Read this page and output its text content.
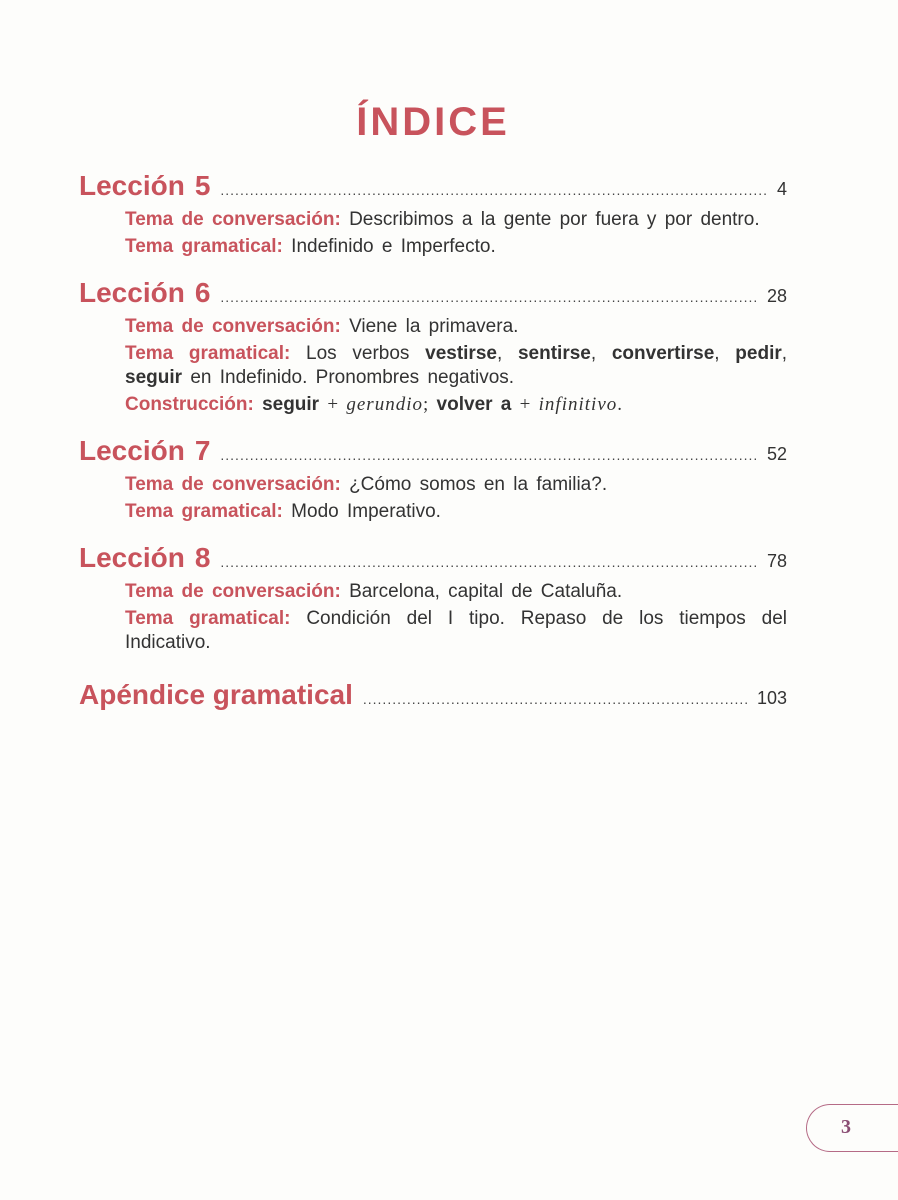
ÍNDICE
Lección 5 .....	4
Tema de conversación: Describimos a la gente por fuera y por dentro.
Tema gramatical: Indefinido e Imperfecto.
Lección 6 .....	28
Tema de conversación: Viene la primavera.
Tema gramatical: Los verbos vestirse, sentirse, convertirse, pedir, seguir en Indefinido. Pronombres negativos.
Construcción: seguir + gerundio; volver a + infinitivo.
Lección 7 .....	52
Tema de conversación: ¿Cómo somos en la familia?.
Tema gramatical: Modo Imperativo.
Lección 8 .....	78
Tema de conversación: Barcelona, capital de Cataluña.
Tema gramatical: Condición del I tipo. Repaso de los tiempos del Indicativo.
Apéndice gramatical .....	103
3
